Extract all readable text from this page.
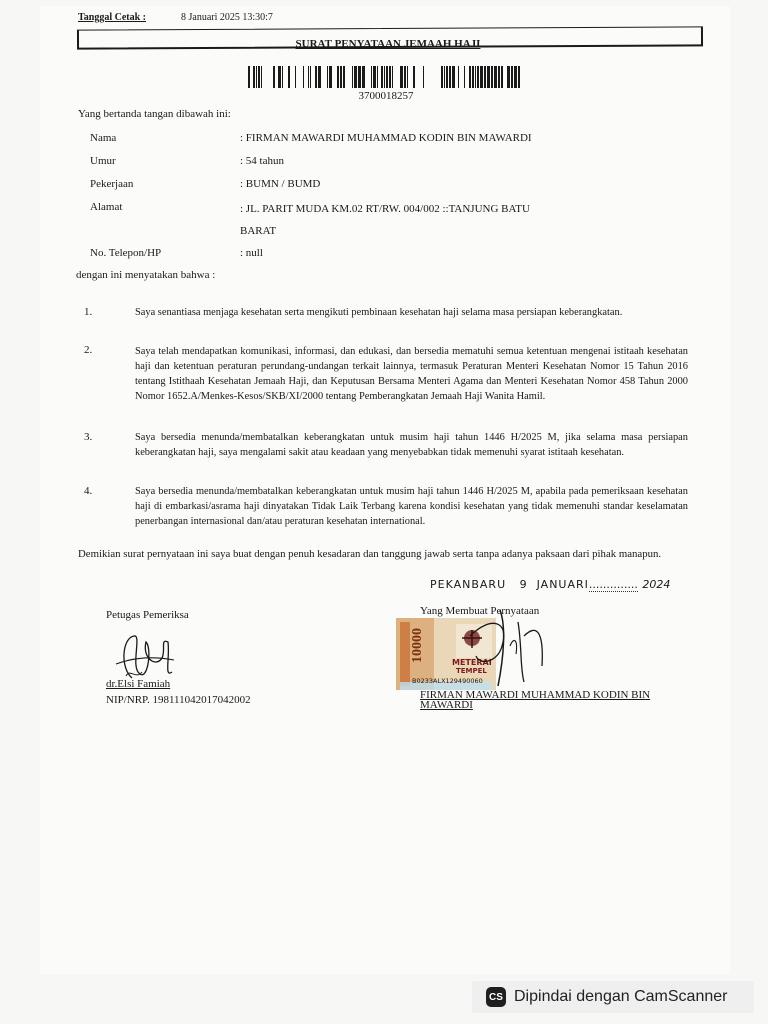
Tanggal Cetak :	8 Januari 2025 13:30:7
SURAT PENYATAAN JEMAAH HAJI
3700018257
Yang bertanda tangan dibawah ini:
Nama	: FIRMAN MAWARDI MUHAMMAD KODIN BIN MAWARDI
Umur	: 54 tahun
Pekerjaan	: BUMN / BUMD
Alamat	: JL. PARIT MUDA KM.02 RT/RW. 004/002 ::TANJUNG BATU BARAT
No. Telepon/HP	: null
dengan ini menyatakan bahwa :
1.	Saya senantiasa menjaga kesehatan serta mengikuti pembinaan kesehatan haji selama masa persiapan keberangkatan.
2.	Saya telah mendapatkan komunikasi, informasi, dan edukasi, dan bersedia mematuhi semua ketentuan mengenai istitaah kesehatan haji dan ketentuan peraturan perundang-undangan terkait lainnya, termasuk Peraturan Menteri Kesehatan Nomor 15 Tahun 2016 tentang Istithaah Kesehatan Jemaah Haji, dan Keputusan Bersama Menteri Agama dan Menteri Kesehatan Nomor 458 Tahun 2000 Nomor 1652.A/Menkes-Kesos/SKB/XI/2000 tentang Pemberangkatan Jemaah Haji Wanita Hamil.
3.	Saya bersedia menunda/membatalkan keberangkatan untuk musim haji tahun 1446 H/2025 M, jika selama masa persiapan keberangkatan haji, saya mengalami sakit atau keadaan yang menyebabkan tidak memenuhi syarat istitaah kesehatan.
4.	Saya bersedia menunda/membatalkan keberangkatan untuk musim haji tahun 1446 H/2025 M, apabila pada pemeriksaan kesehatan haji di embarkasi/asrama haji dinyatakan Tidak Laik Terbang karena kondisi kesehatan yang tidak memenuhi standar keselamatan penerbangan internasional dan/atau peraturan kesehatan international.
Demikian surat pernyataan ini saya buat dengan penuh kesadaran dan tanggung jawab serta tanpa adanya paksaan dari pihak manapun.
PEKANBARU 9 JANUARI.............. 2024
Petugas Pemeriksa	Yang Membuat Pernyataan
10000	METERAI
TEMPEL
B0233ALX129490060
dr.Elsi Famiah
NIP/NRP. 198111042017042002	FIRMAN MAWARDI MUHAMMAD KODIN BIN MAWARDI
CS Dipindai dengan CamScanner
